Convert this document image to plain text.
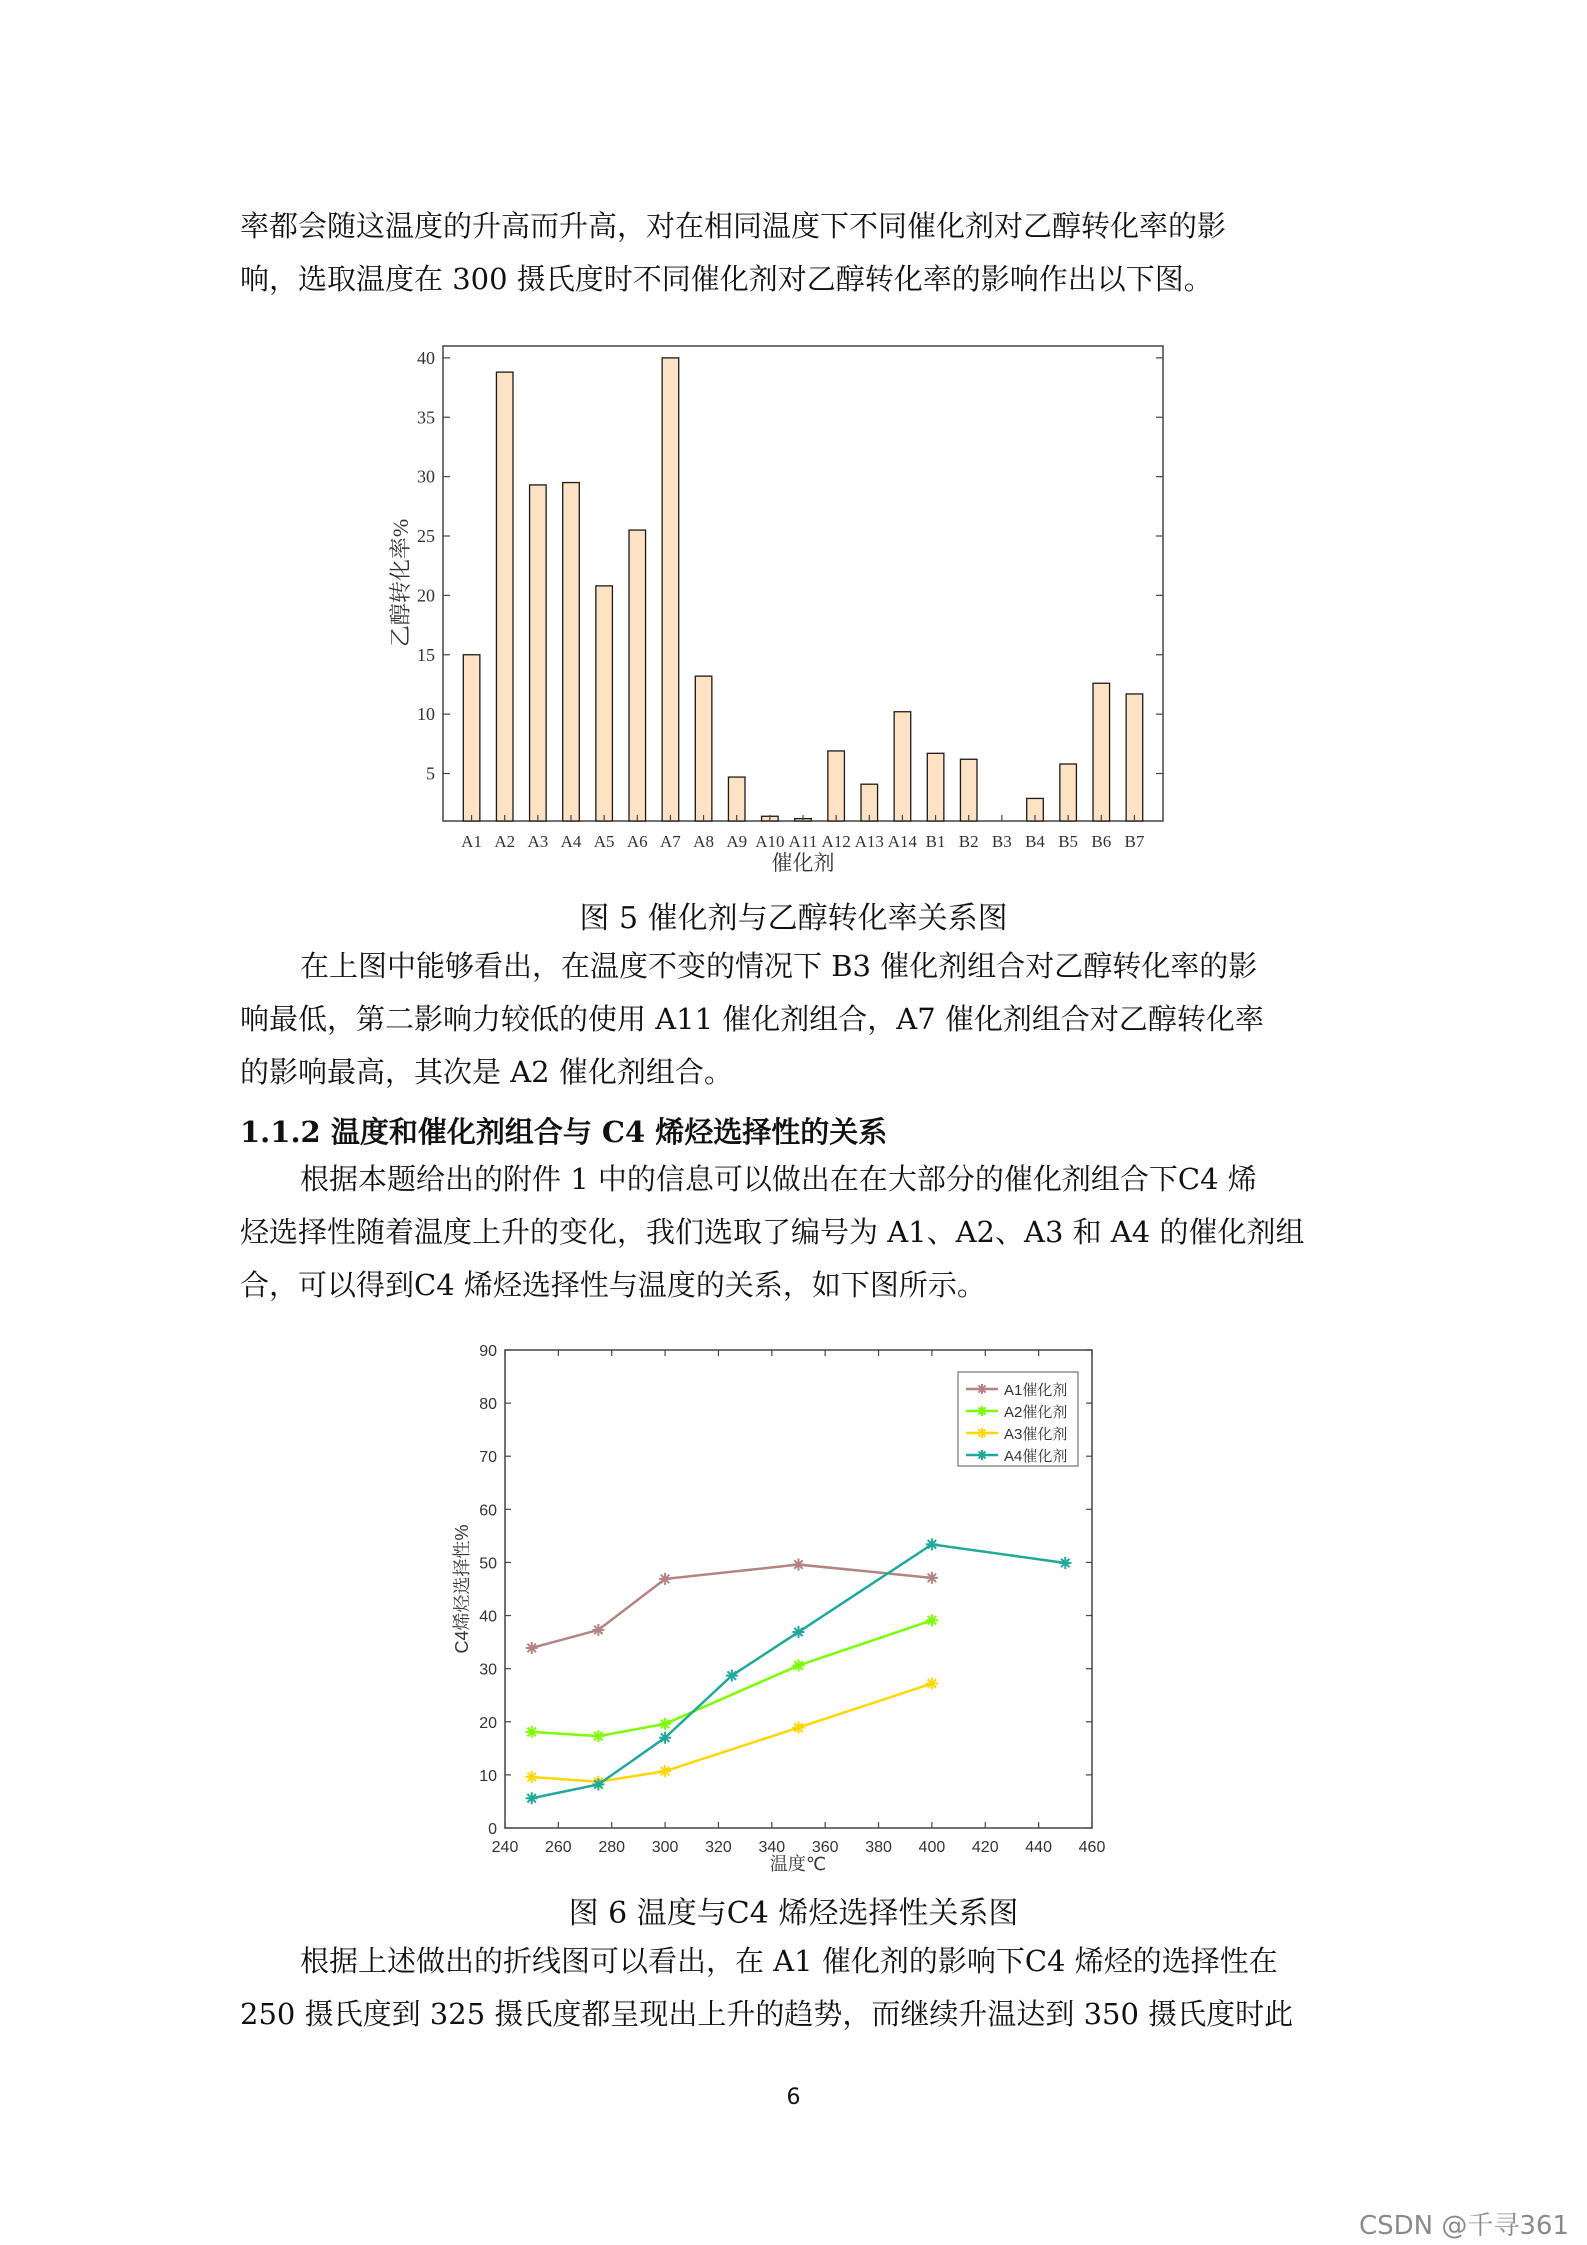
率都会随这温度的升高而升高，对在相同温度下不同催化剂对乙醇转化率的影

响，选取温度在 300 摄氏度时不同催化剂对乙醇转化率的影响作出以下图。

5
10
15
20
25
30
35
40
A1 A2 A3 A4 A5 A6 A7 A8 A9 A10 A11 A12 A13 A14 B1 B2 B3 B4 B5 B6 B7
乙醇转化率%
催化剂

图 5 催化剂与乙醇转化率关系图

在上图中能够看出，在温度不变的情况下 B3 催化剂组合对乙醇转化率的影

响最低，第二影响力较低的使用 A11 催化剂组合，A7 催化剂组合对乙醇转化率

的影响最高，其次是 A2 催化剂组合。

1.1.2 温度和催化剂组合与 C4 烯烃选择性的关系

根据本题给出的附件 1 中的信息可以做出在在大部分的催化剂组合下C4 烯

烃选择性随着温度上升的变化，我们选取了编号为 A1、A2、A3 和 A4 的催化剂组

合，可以得到C4 烯烃选择性与温度的关系，如下图所示。

0
10
20
30
40
50
60
70
80
90
240 260 280 300 320 340 360 380 400 420 440 460
A1催化剂
A2催化剂
A3催化剂
A4催化剂
C4烯烃选择性%
温度℃

图 6 温度与C4 烯烃选择性关系图

根据上述做出的折线图可以看出，在 A1 催化剂的影响下C4 烯烃的选择性在

250 摄氏度到 325 摄氏度都呈现出上升的趋势，而继续升温达到 350 摄氏度时此

6
CSDN @千寻361
